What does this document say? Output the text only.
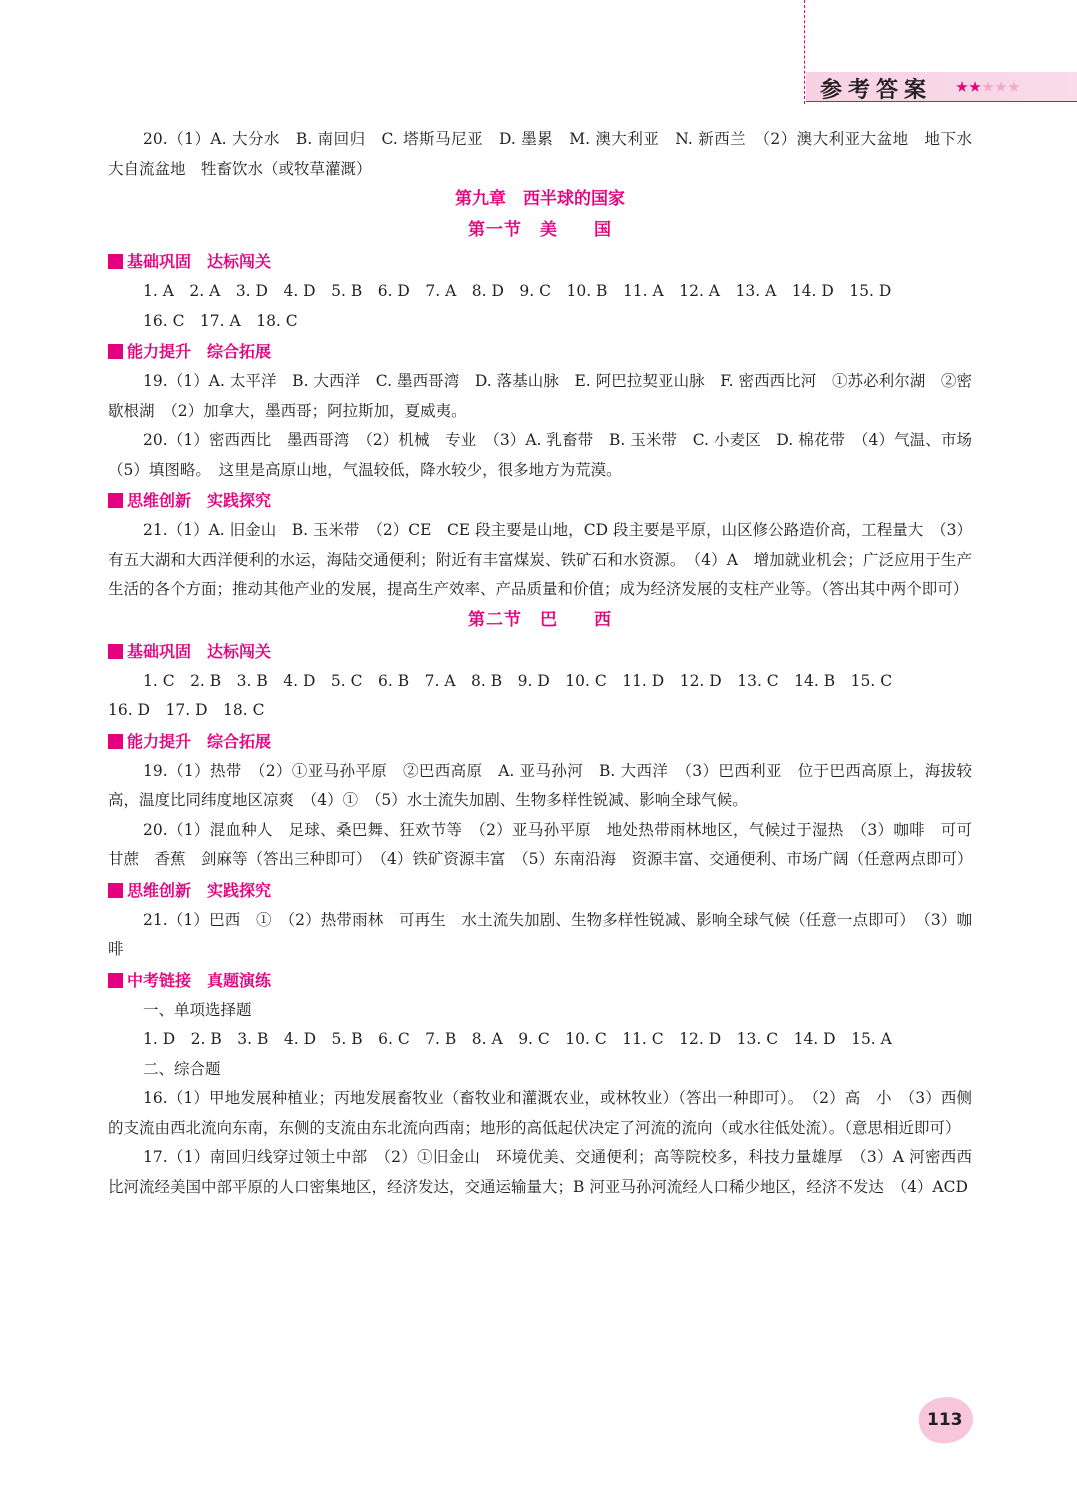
参考答案
20.（1）A. 大分水　B. 南回归　C. 塔斯马尼亚　D. 墨累　M. 澳大利亚　N. 新西兰　（2）澳大利亚大盆地　地下水　大自流盆地　牲畜饮水（或牧草灌溉）
第九章　西半球的国家
第一节　美　　国
基础巩固　达标闯关
1. A　2. A　3. D　4. D　5. B　6. D　7. A　8. D　9. C　10. B　11. A　12. A　13. A　14. D　15. D
16. C　17. A　18. C
能力提升　综合拓展
19.（1）A. 太平洋　B. 大西洋　C. 墨西哥湾　D. 落基山脉　E. 阿巴拉契亚山脉　F. 密西西比河　①苏必利尔湖　②密歇根湖　（2）加拿大，墨西哥；阿拉斯加，夏威夷。
20.（1）密西西比　墨西哥湾　（2）机械　专业　（3）A. 乳畜带　B. 玉米带　C. 小麦区　D. 棉花带　（4）气温、市场　（5）填图略。　这里是高原山地，气温较低，降水较少，很多地方为荒漠。
思维创新　实践探究
21.（1）A. 旧金山　B. 玉米带　（2）CE　CE 段主要是山地，CD 段主要是平原，山区修公路造价高，工程量大　（3）有五大湖和大西洋便利的水运，海陆交通便利；附近有丰富煤炭、铁矿石和水资源。　（4）A　增加就业机会；广泛应用于生产生活的各个方面；推动其他产业的发展，提高生产效率、产品质量和价值；成为经济发展的支柱产业等。（答出其中两个即可）
第二节　巴　　西
基础巩固　达标闯关
1. C　2. B　3. B　4. D　5. C　6. B　7. A　8. B　9. D　10. C　11. D　12. D　13. C　14. B　15. C
16. D　17. D　18. C
能力提升　综合拓展
19.（1）热带　（2）①亚马孙平原　②巴西高原　A. 亚马孙河　B. 大西洋　（3）巴西利亚　位于巴西高原上，海拔较高，温度比同纬度地区凉爽　（4）①　（5）水土流失加剧、生物多样性锐减、影响全球气候。
20.（1）混血种人　足球、桑巴舞、狂欢节等　（2）亚马孙平原　地处热带雨林地区，气候过于湿热　（3）咖啡　可可　甘蔗　香蕉　剑麻等（答出三种即可）　（4）铁矿资源丰富　（5）东南沿海　资源丰富、交通便利、市场广阔（任意两点即可）
思维创新　实践探究
21.（1）巴西　①　（2）热带雨林　可再生　水土流失加剧、生物多样性锐减、影响全球气候（任意一点即可）　（3）咖啡
中考链接　真题演练
一、单项选择题
1. D　2. B　3. B　4. D　5. B　6. C　7. B　8. A　9. C　10. C　11. C　12. D　13. C　14. D　15. A
二、综合题
16.（1）甲地发展种植业；丙地发展畜牧业（畜牧业和灌溉农业，或林牧业）（答出一种即可）。　（2）高　小　（3）西侧的支流由西北流向东南，东侧的支流由东北流向西南；地形的高低起伏决定了河流的流向（或水往低处流）。（意思相近即可）
17.（1）南回归线穿过领土中部　（2）①旧金山　环境优美、交通便利；高等院校多，科技力量雄厚　（3）A 河密西西比河流经美国中部平原的人口密集地区，经济发达，交通运输量大；B 河亚马孙河流经人口稀少地区，经济不发达　（4）ACD
113
